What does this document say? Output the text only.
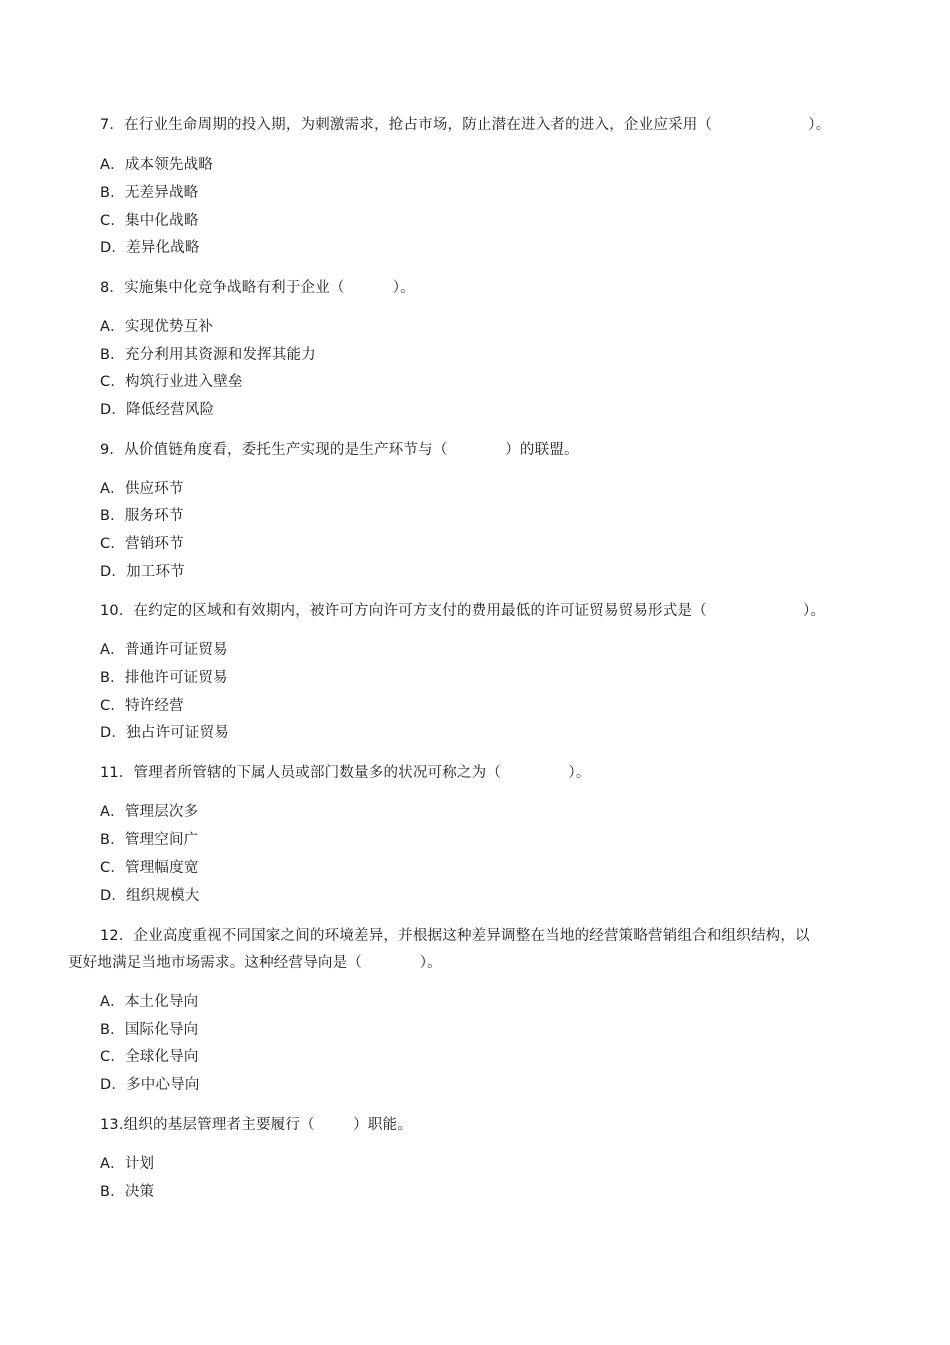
7．在行业生命周期的投入期，为刺激需求，抢占市场，防止潜在进入者的进入，企业应采用（                    ）。
A．成本领先战略
B．无差异战略
C．集中化战略
D．差异化战略
8．实施集中化竞争战略有利于企业（          ）。
A．实现优势互补
B．充分利用其资源和发挥其能力
C．构筑行业进入壁垒
D．降低经营风险
9．从价值链角度看，委托生产实现的是生产环节与（            ）的联盟。
A．供应环节
B．服务环节
C．营销环节
D．加工环节
10．在约定的区域和有效期内，被许可方向许可方支付的费用最低的许可证贸易贸易形式是（                    ）。
A．普通许可证贸易
B．排他许可证贸易
C．特许经营
D．独占许可证贸易
11．管理者所管辖的下属人员或部门数量多的状况可称之为（              ）。
A．管理层次多
B．管理空间广
C．管理幅度宽
D．组织规模大
12．企业高度重视不同国家之间的环境差异，并根据这种差异调整在当地的经营策略营销组合和组织结构，以
更好地满足当地市场需求。这种经营导向是（            ）。
A．本土化导向
B．国际化导向
C．全球化导向
D．多中心导向
13.组织的基层管理者主要履行（        ）职能。
A．计划
B．决策
